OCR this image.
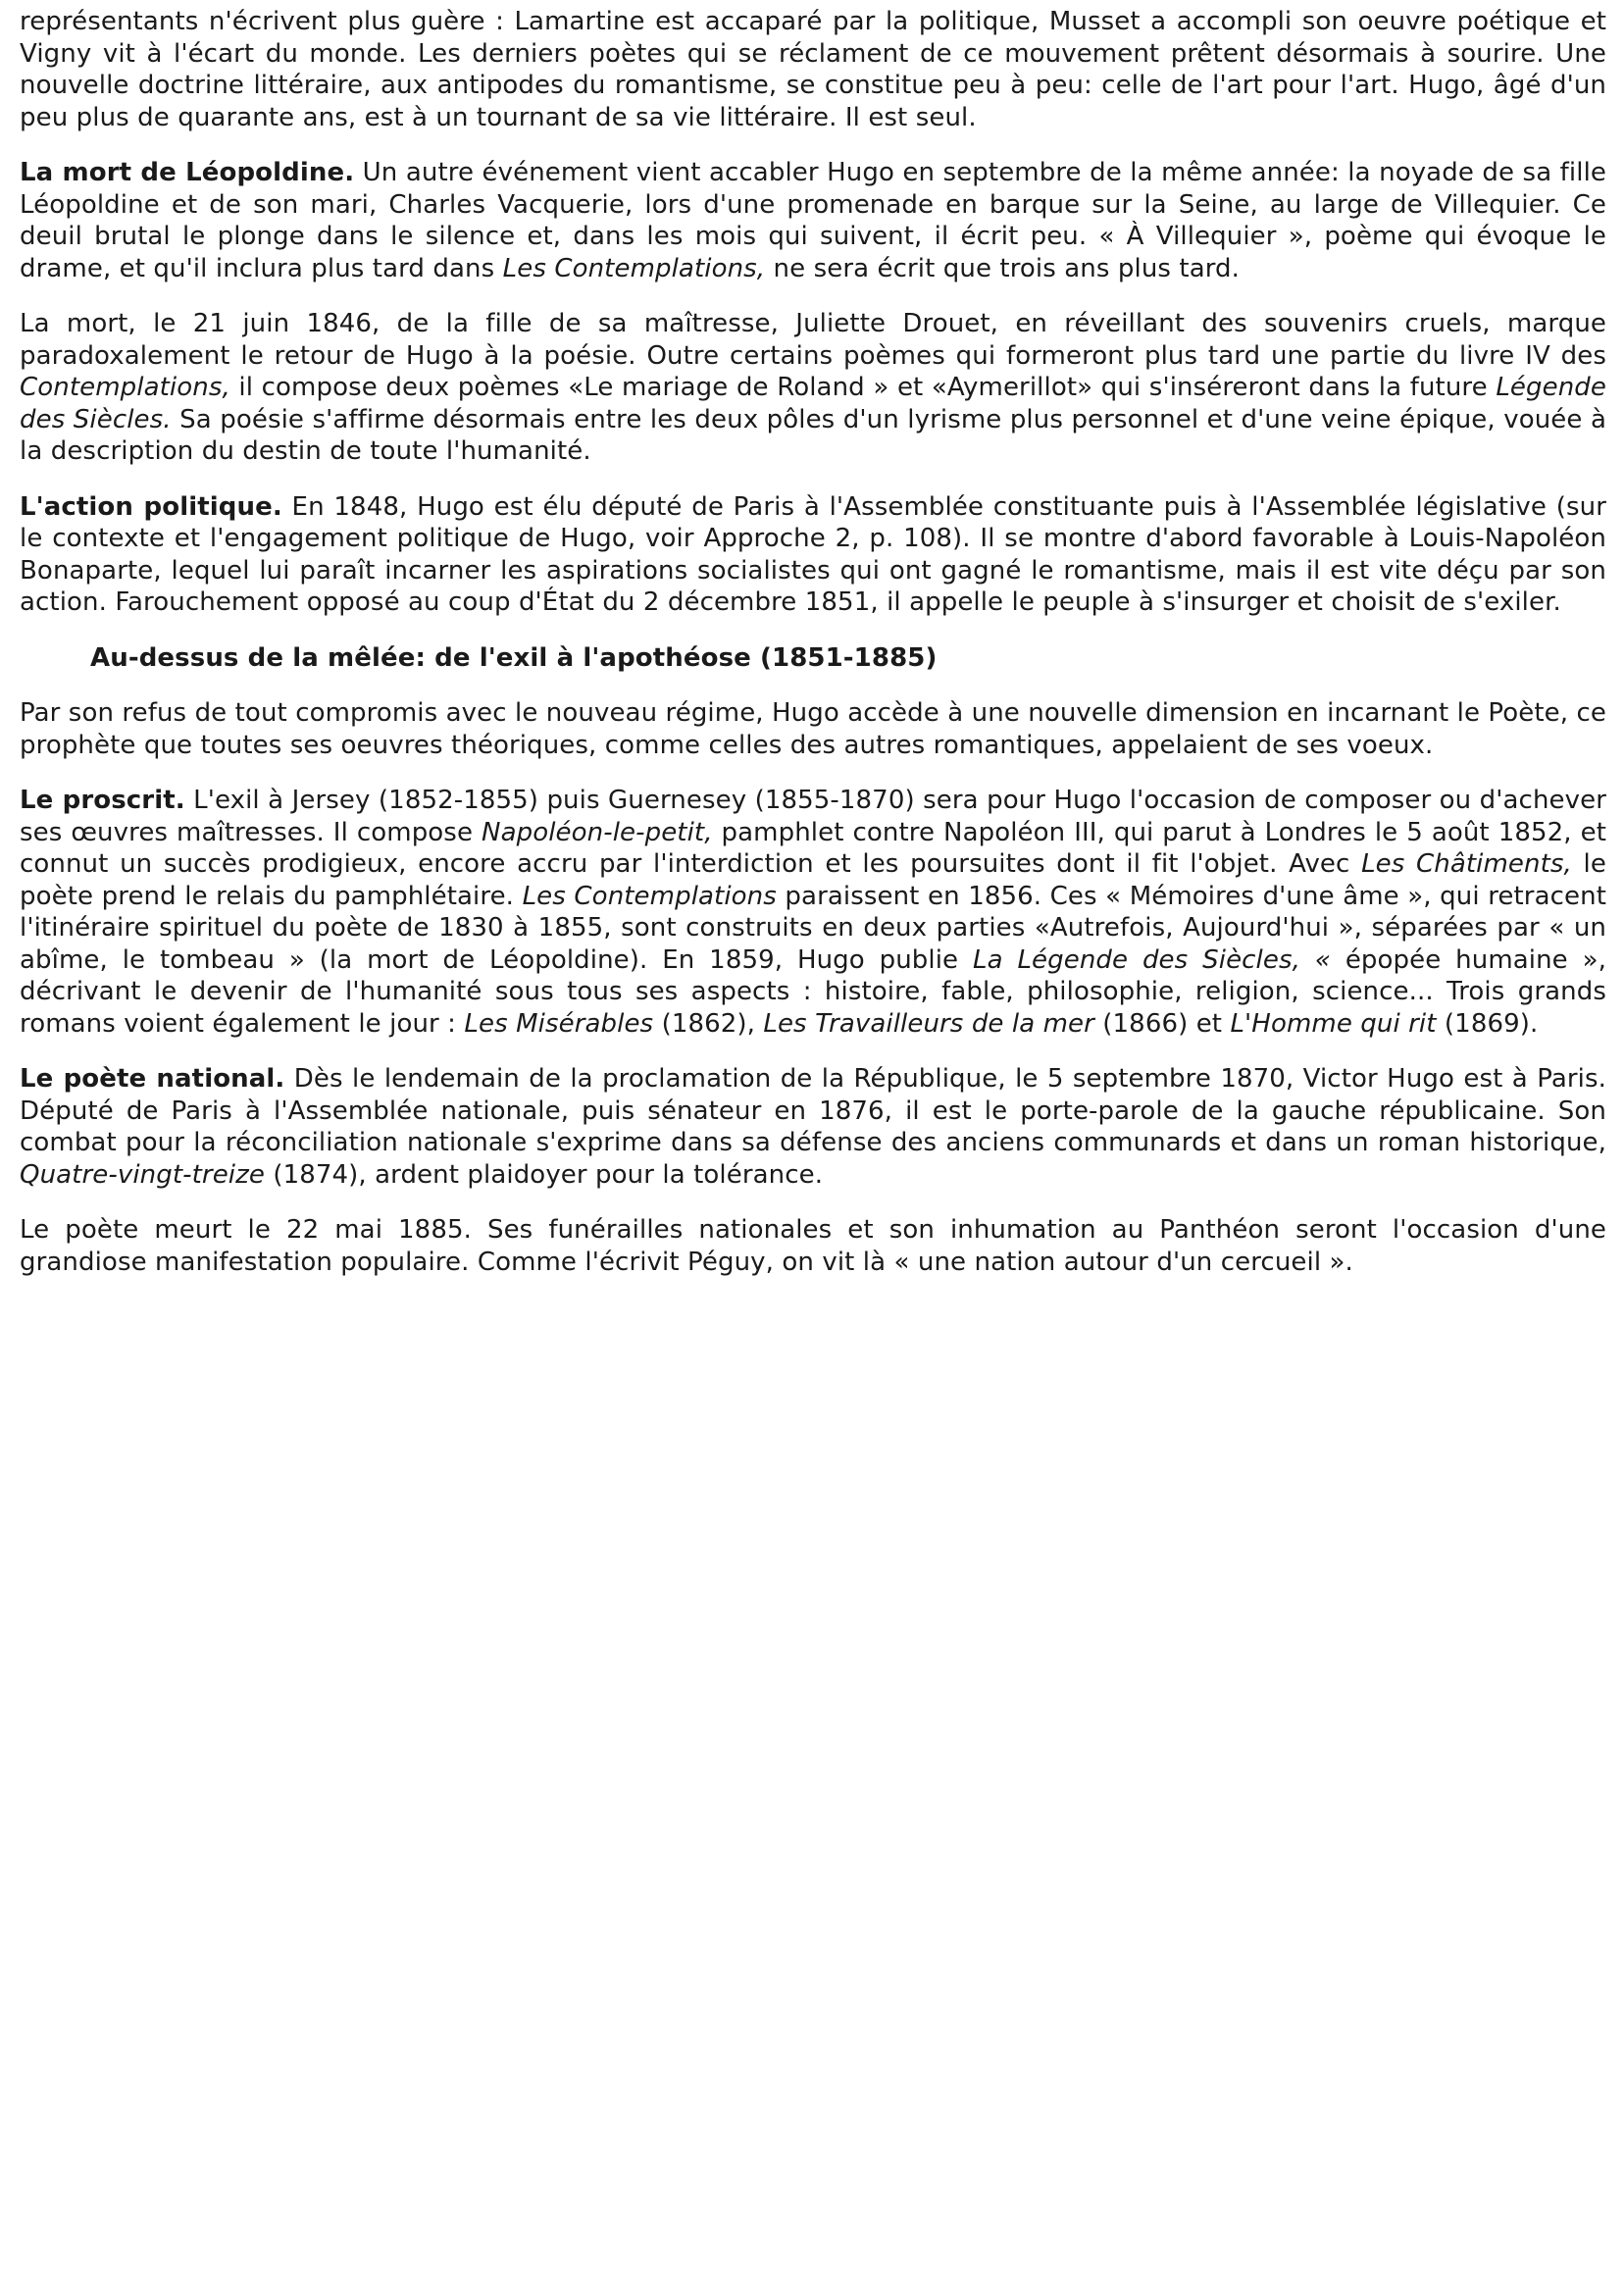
représentants n'écrivent plus guère : Lamartine est accaparé par la politique, Musset a accompli son oeuvre poétique et Vigny vit à l'écart du monde. Les derniers poètes qui se réclament de ce mouvement prêtent désormais à sourire. Une nouvelle doctrine littéraire, aux antipodes du romantisme, se constitue peu à peu: celle de l'art pour l'art. Hugo, âgé d'un peu plus de quarante ans, est à un tournant de sa vie littéraire. Il est seul.

La mort de Léopoldine. Un autre événement vient accabler Hugo en septembre de la même année: la noyade de sa fille Léopoldine et de son mari, Charles Vacquerie, lors d'une promenade en barque sur la Seine, au large de Villequier. Ce deuil brutal le plonge dans le silence et, dans les mois qui suivent, il écrit peu. « À Villequier », poème qui évoque le drame, et qu'il inclura plus tard dans Les Contemplations, ne sera écrit que trois ans plus tard.

La mort, le 21 juin 1846, de la fille de sa maîtresse, Juliette Drouet, en réveillant des souvenirs cruels, marque paradoxalement le retour de Hugo à la poésie. Outre certains poèmes qui formeront plus tard une partie du livre IV des Contemplations, il compose deux poèmes «Le mariage de Roland » et «Aymerillot» qui s'inséreront dans la future Légende des Siècles. Sa poésie s'affirme désormais entre les deux pôles d'un lyrisme plus personnel et d'une veine épique, vouée à la description du destin de toute l'humanité.

L'action politique. En 1848, Hugo est élu député de Paris à l'Assemblée constituante puis à l'Assemblée législative (sur le contexte et l'engagement politique de Hugo, voir Approche 2, p. 108). Il se montre d'abord favorable à Louis-Napoléon Bonaparte, lequel lui paraît incarner les aspirations socialistes qui ont gagné le romantisme, mais il est vite déçu par son action. Farouchement opposé au coup d'État du 2 décembre 1851, il appelle le peuple à s'insurger et choisit de s'exiler.

Au-dessus de la mêlée: de l'exil à l'apothéose (1851-1885)

Par son refus de tout compromis avec le nouveau régime, Hugo accède à une nouvelle dimension en incarnant le Poète, ce prophète que toutes ses oeuvres théoriques, comme celles des autres romantiques, appelaient de ses voeux.

Le proscrit. L'exil à Jersey (1852-1855) puis Guernesey (1855-1870) sera pour Hugo l'occasion de composer ou d'achever ses œuvres maîtresses. Il compose Napoléon-le-petit, pamphlet contre Napoléon III, qui parut à Londres le 5 août 1852, et connut un succès prodigieux, encore accru par l'interdiction et les poursuites dont il fit l'objet. Avec Les Châtiments, le poète prend le relais du pamphlétaire. Les Contemplations paraissent en 1856. Ces « Mémoires d'une âme », qui retracent l'itinéraire spirituel du poète de 1830 à 1855, sont construits en deux parties «Autrefois, Aujourd'hui », séparées par « un abîme, le tombeau » (la mort de Léopoldine). En 1859, Hugo publie La Légende des Siècles, « épopée humaine », décrivant le devenir de l'humanité sous tous ses aspects : histoire, fable, philosophie, religion, science... Trois grands romans voient également le jour : Les Misérables (1862), Les Travailleurs de la mer (1866) et L'Homme qui rit (1869).

Le poète national. Dès le lendemain de la proclamation de la République, le 5 septembre 1870, Victor Hugo est à Paris. Député de Paris à l'Assemblée nationale, puis sénateur en 1876, il est le porte-parole de la gauche républicaine. Son combat pour la réconciliation nationale s'exprime dans sa défense des anciens communards et dans un roman historique, Quatre-vingt-treize (1874), ardent plaidoyer pour la tolérance.

Le poète meurt le 22 mai 1885. Ses funérailles nationales et son inhumation au Panthéon seront l'occasion d'une grandiose manifestation populaire. Comme l'écrivit Péguy, on vit là « une nation autour d'un cercueil ».
